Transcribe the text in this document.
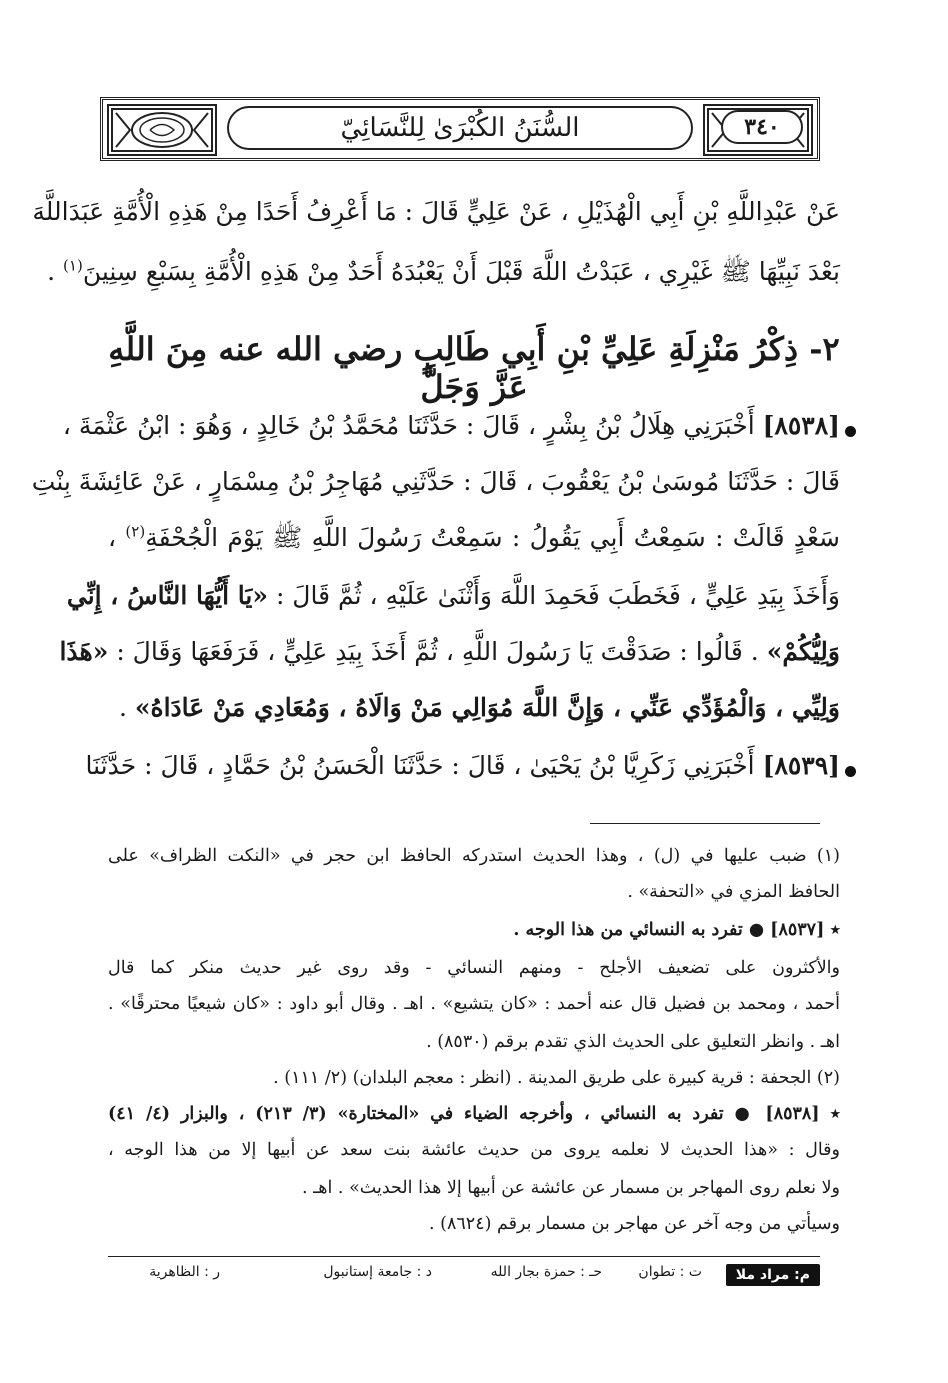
السُّنَنُ الكُبْرَىٰ لِلنَّسَائِيّ	٣٤٠
عَنْ عَبْدِاللَّهِ بْنِ أَبِي الْهُذَيْلِ ، عَنْ عَلِيٍّ قَالَ : مَا أَعْرِفُ أَحَدًا مِنْ هَذِهِ الْأُمَّةِ عَبَدَاللَّهَ
بَعْدَ نَبِيِّهَا ﷺ غَيْرِي ، عَبَدْتُ اللَّهَ قَبْلَ أَنْ يَعْبُدَهُ أَحَدٌ مِنْ هَذِهِ الْأُمَّةِ بِسَبْعِ سِنِينَ$^{(١)}$ .
٢- ذِكْرُ مَنْزِلَةِ عَلِيِّ بْنِ أَبِي طَالِبٍ رضي الله عنه مِنَ اللَّهِ عَزَّ وَجَلَّ
[٨٥٣٨] أَخْبَرَنِي هِلَالُ بْنُ بِشْرٍ ، قَالَ : حَدَّثَنَا مُحَمَّدُ بْنُ خَالِدٍ ، وَهُوَ : ابْنُ عَثْمَةَ ،
قَالَ : حَدَّثَنَا مُوسَىٰ بْنُ يَعْقُوبَ ، قَالَ : حَدَّثَنِي مُهَاجِرُ بْنُ مِسْمَارٍ ، عَنْ عَائِشَةَ بِنْتِ
سَعْدٍ قَالَتْ : سَمِعْتُ أَبِي يَقُولُ : سَمِعْتُ رَسُولَ اللَّهِ ﷺ يَوْمَ الْجُحْفَةِ$^{(٢)}$ ،
وَأَخَذَ بِيَدِ عَلِيٍّ ، فَخَطَبَ فَحَمِدَ اللَّهَ وَأَثْنَىٰ عَلَيْهِ ، ثُمَّ قَالَ : «يَا أَيُّهَا النَّاسُ ، إِنِّي
وَلِيُّكُمْ» . قَالُوا : صَدَقْتَ يَا رَسُولَ اللَّهِ ، ثُمَّ أَخَذَ بِيَدِ عَلِيٍّ ، فَرَفَعَهَا وَقَالَ : «هَذَا
وَلِيِّي ، وَالْمُؤَدِّي عَنِّي ، وَإِنَّ اللَّهَ مُوَالِي مَنْ وَالَاهُ ، وَمُعَادِي مَنْ عَادَاهُ» .
[٨٥٣٩] أَخْبَرَنِي زَكَرِيَّا بْنُ يَحْيَىٰ ، قَالَ : حَدَّثَنَا الْحَسَنُ بْنُ حَمَّادٍ ، قَالَ : حَدَّثَنَا
(١) ضبب عليها في (ل) ، وهذا الحديث استدركه الحافظ ابن حجر في «النكت الظراف» على
الحافظ المزي في «التحفة» .
٭ [٨٥٣٧] ● تفرد به النسائي من هذا الوجه .
والأكثرون على تضعيف الأجلح - ومنهم النسائي - وقد روى غير حديث منكر كما قال
أحمد ، ومحمد بن فضيل قال عنه أحمد : «كان يتشيع» . اهـ . وقال أبو داود : «كان شيعيًا محترقًا» .
اهـ . وانظر التعليق على الحديث الذي تقدم برقم (٨٥٣٠) .
(٢) الجحفة : قرية كبيرة على طريق المدينة . (انظر : معجم البلدان) (٢/ ١١١) .
٭ [٨٥٣٨] ● تفرد به النسائي ، وأخرجه الضياء في «المختارة» (٣/ ٢١٣) ، والبزار (٤/ ٤١)
وقال : «هذا الحديث لا نعلمه يروى من حديث عائشة بنت سعد عن أبيها إلا من هذا الوجه ،
ولا نعلم روى المهاجر بن مسمار عن عائشة عن أبيها إلا هذا الحديث» . اهـ .
وسيأتي من وجه آخر عن مهاجر بن مسمار برقم (٨٦٢٤) .
م: مراد ملا
ت : تطوان
حـ : حمزة بجار الله
د : جامعة إستانبول
ر : الظاهرية
